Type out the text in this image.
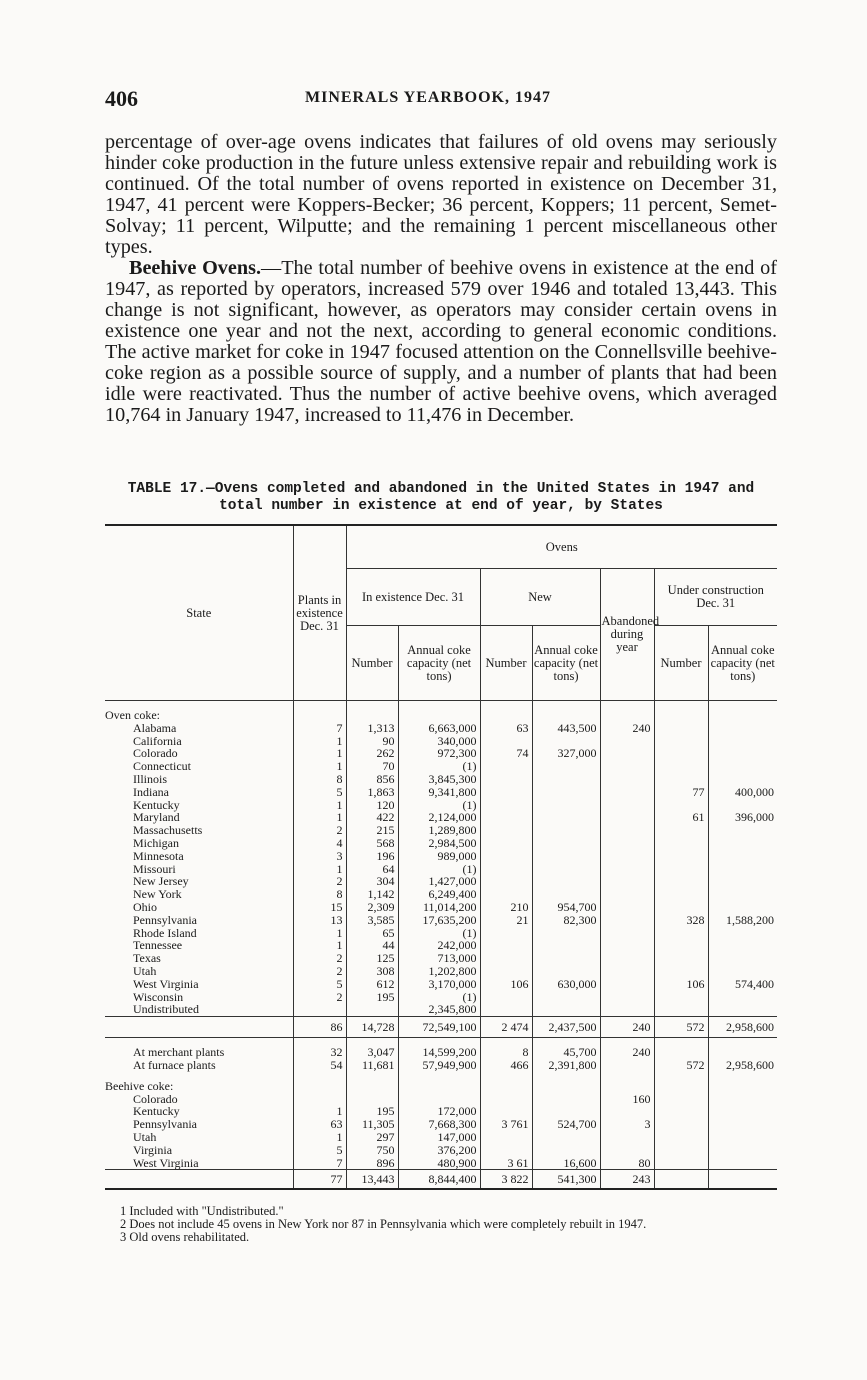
406	MINERALS YEARBOOK, 1947

percentage of over-age ovens indicates that failures of old ovens may seriously hinder coke production in the future unless extensive repair and rebuilding work is continued. Of the total number of ovens reported in existence on December 31, 1947, 41 percent were Koppers-Becker; 36 percent, Koppers; 11 percent, Semet-Solvay; 11 percent, Wilputte; and the remaining 1 percent miscellaneous other types.

Beehive Ovens.—The total number of beehive ovens in existence at the end of 1947, as reported by operators, increased 579 over 1946 and totaled 13,443. This change is not significant, however, as operators may consider certain ovens in existence one year and not the next, according to general economic conditions. The active market for coke in 1947 focused attention on the Connellsville beehive-coke region as a possible source of supply, and a number of plants that had been idle were reactivated. Thus the number of active beehive ovens, which averaged 10,764 in January 1947, increased to 11,476 in December.

TABLE 17.—Ovens completed and abandoned in the United States in 1947 and
total number in existence at end of year, by States
State	Plants in existence Dec. 31	Ovens						
		In existence Dec. 31		New		Abandoned during year	Under construction Dec. 31	
		Number	Annual coke capacity (net tons)	Number	Annual coke capacity (net tons)		Number	Annual coke capacity (net tons)

Oven coke:								
Alabama	7	1,313	6,663,000	63	443,500	240		
California	1	90	340,000					
Colorado	1	262	972,300	74	327,000			
Connecticut	1	70	(1)					
Illinois	8	856	3,845,300					
Indiana	5	1,863	9,341,800				77	400,000
Kentucky	1	120	(1)					
Maryland	1	422	2,124,000				61	396,000
Massachusetts	2	215	1,289,800					
Michigan	4	568	2,984,500					
Minnesota	3	196	989,000					
Missouri	1	64	(1)					
New Jersey	2	304	1,427,000					
New York	8	1,142	6,249,400					
Ohio	15	2,309	11,014,200	210	954,700			
Pennsylvania	13	3,585	17,635,200	21	82,300		328	1,588,200
Rhode Island	1	65	(1)					
Tennessee	1	44	242,000					
Texas	2	125	713,000					
Utah	2	308	1,202,800					
West Virginia	5	612	3,170,000	106	630,000		106	574,400
Wisconsin	2	195	(1)					
Undistributed			2,345,800					
	86	14,728	72,549,100	2 474	2,437,500	240	572	2,958,600

At merchant plants	32	3,047	14,599,200	8	45,700	240		
At furnace plants	54	11,681	57,949,900	466	2,391,800		572	2,958,600

Beehive coke:								
Colorado						160		
Kentucky	1	195	172,000					
Pennsylvania	63	11,305	7,668,300	3 761	524,700	3		
Utah	1	297	147,000					
Virginia	5	750	376,200					
West Virginia	7	896	480,900	3 61	16,600	80		
	77	13,443	8,844,400	3 822	541,300	243		
1 Included with "Undistributed."
2 Does not include 45 ovens in New York nor 87 in Pennsylvania which were completely rebuilt in 1947.
3 Old ovens rehabilitated.
